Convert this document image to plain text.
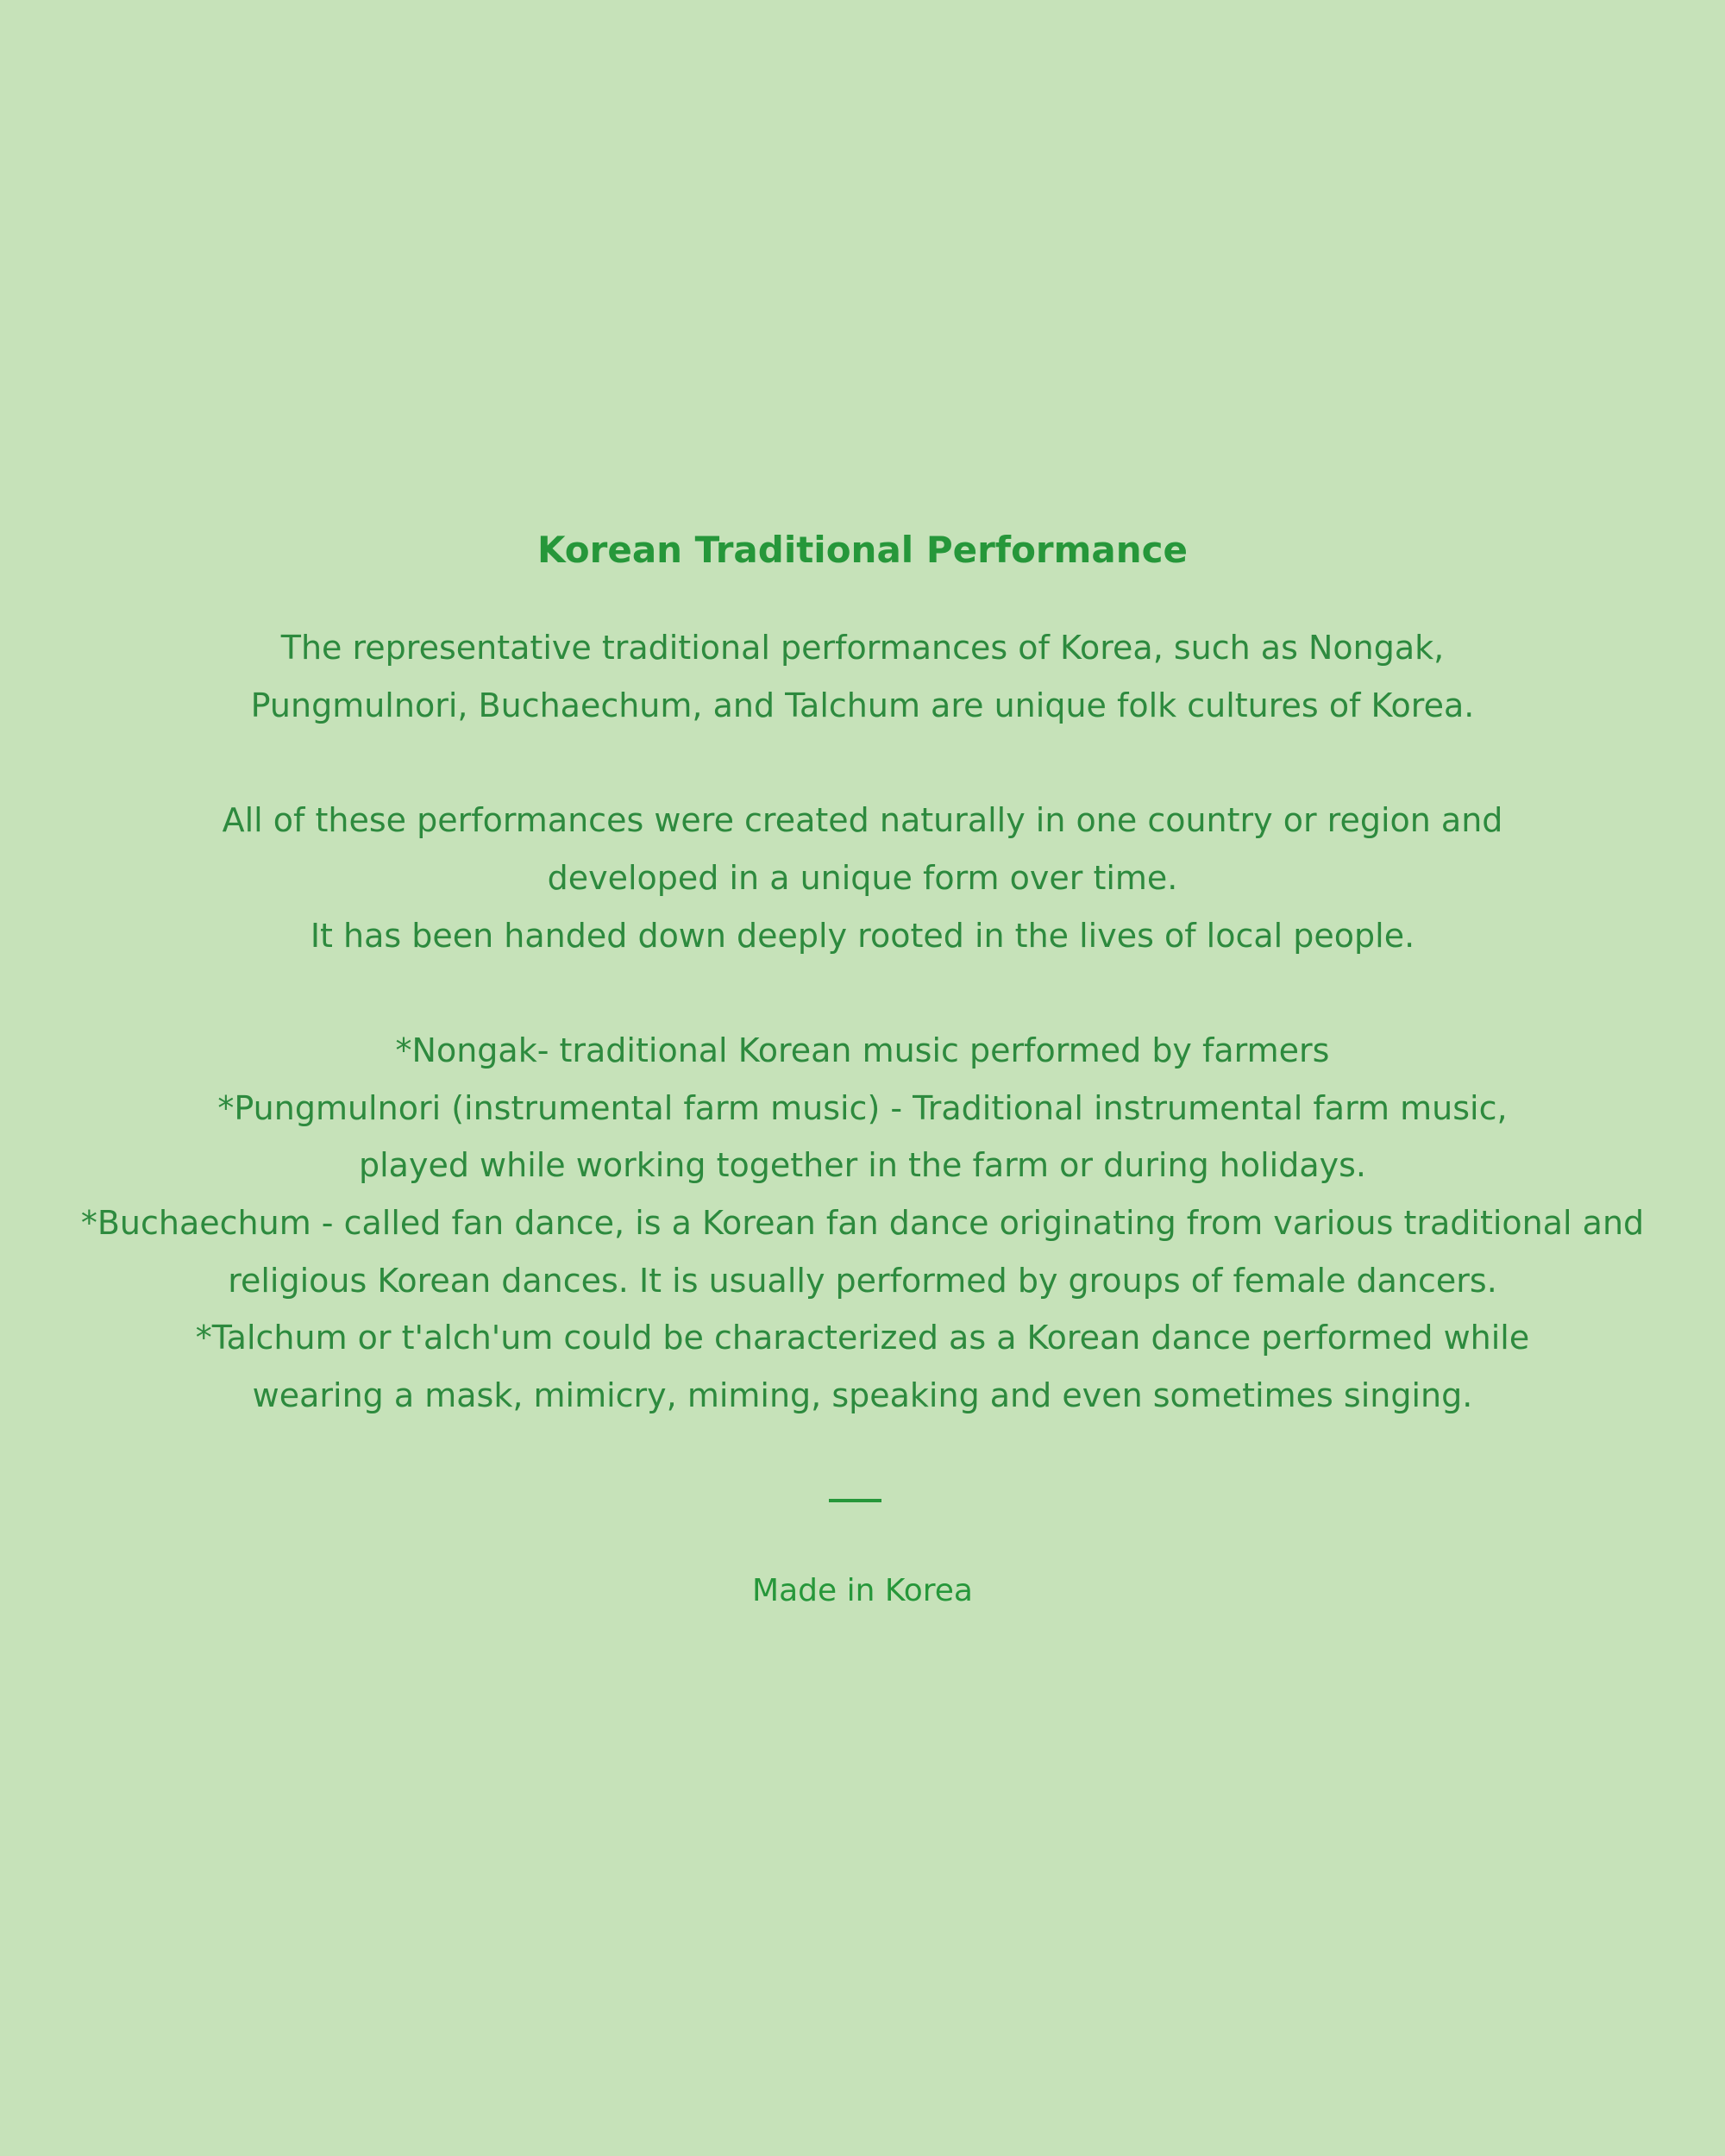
Korean Traditional Performance
The representative traditional performances of Korea, such as Nongak,
Pungmulnori, Buchaechum, and Talchum are unique folk cultures of Korea.
All of these performances were created naturally in one country or region and
developed in a unique form over time.
It has been handed down deeply rooted in the lives of local people.
*Nongak- traditional Korean music performed by farmers
*Pungmulnori (instrumental farm music) - Traditional instrumental farm music,
played while working together in the farm or during holidays.
*Buchaechum - called fan dance, is a Korean fan dance originating from various traditional and
religious Korean dances. It is usually performed by groups of female dancers.
*Talchum or t'alch'um could be characterized as a Korean dance performed while
wearing a mask, mimicry, miming, speaking and even sometimes singing.

Made in Korea
